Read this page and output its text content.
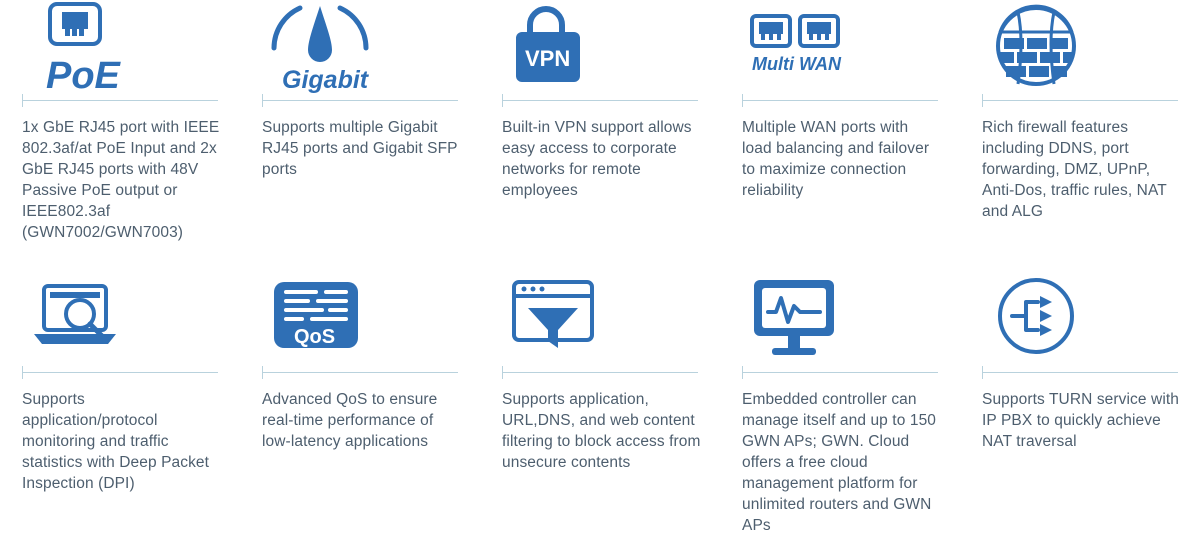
PoE
1x GbE RJ45 port with IEEE 802.3af/at PoE Input and 2x GbE RJ45 ports with 48V Passive PoE output or IEEE802.3af (GWN7002/GWN7003)
Gigabit
Supports multiple Gigabit RJ45 ports and Gigabit SFP ports
VPN
Built-in VPN support allows easy access to corporate networks for remote employees
Multi WAN
Multiple WAN ports with load balancing and failover to maximize connection reliability
Rich firewall features including DDNS, port forwarding, DMZ, UPnP, Anti-Dos, traffic rules, NAT and ALG
Supports application/protocol monitoring and traffic statistics with Deep Packet Inspection (DPI)
QoS
Advanced QoS to ensure real-time performance of low-latency applications
Supports application, URL,DNS, and web content filtering to block access from unsecure contents
Embedded controller can manage itself and up to 150 GWN APs; GWN. Cloud offers a free cloud management platform for unlimited routers and GWN APs
Supports TURN service with IP PBX to quickly achieve NAT traversal
